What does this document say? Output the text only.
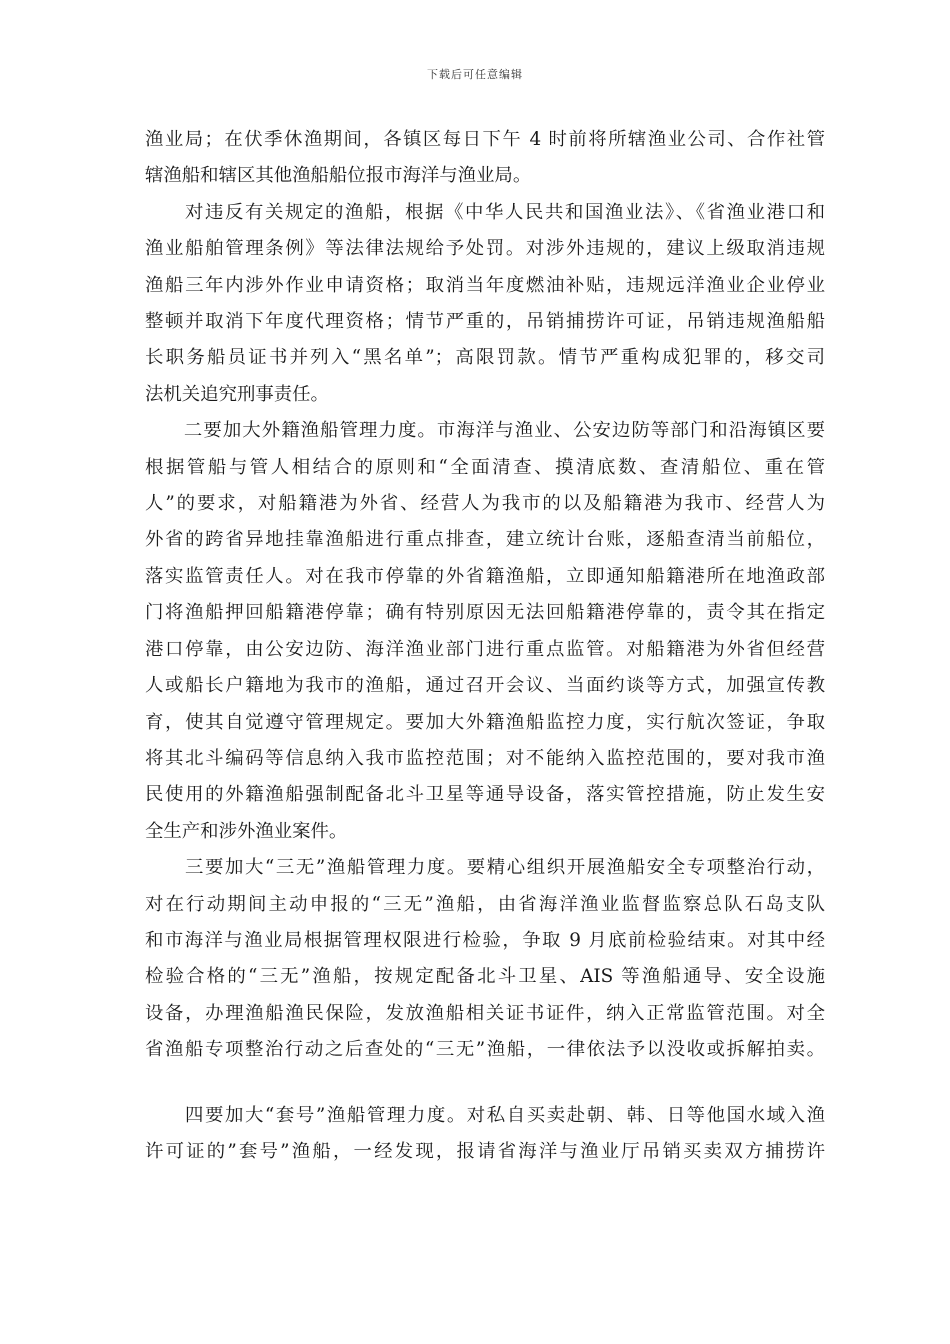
下载后可任意编辑
渔业局；在伏季休渔期间，各镇区每日下午 4 时前将所辖渔业公司、合作社管
辖渔船和辖区其他渔船船位报市海洋与渔业局。
　　对违反有关规定的渔船，根据《中华人民共和国渔业法》、《省渔业港口和
渔业船舶管理条例》等法律法规给予处罚。对涉外违规的，建议上级取消违规
渔船三年内涉外作业申请资格；取消当年度燃油补贴，违规远洋渔业企业停业
整顿并取消下年度代理资格；情节严重的，吊销捕捞许可证，吊销违规渔船船
长职务船员证书并列入“黑名单”；高限罚款。情节严重构成犯罪的，移交司
法机关追究刑事责任。
　　二要加大外籍渔船管理力度。市海洋与渔业、公安边防等部门和沿海镇区要
根据管船与管人相结合的原则和“全面清查、摸清底数、查清船位、重在管
人”的要求，对船籍港为外省、经营人为我市的以及船籍港为我市、经营人为
外省的跨省异地挂靠渔船进行重点排查，建立统计台账，逐船查清当前船位，
落实监管责任人。对在我市停靠的外省籍渔船，立即通知船籍港所在地渔政部
门将渔船押回船籍港停靠；确有特别原因无法回船籍港停靠的，责令其在指定
港口停靠，由公安边防、海洋渔业部门进行重点监管。对船籍港为外省但经营
人或船长户籍地为我市的渔船，通过召开会议、当面约谈等方式，加强宣传教
育，使其自觉遵守管理规定。要加大外籍渔船监控力度，实行航次签证，争取
将其北斗编码等信息纳入我市监控范围；对不能纳入监控范围的，要对我市渔
民使用的外籍渔船强制配备北斗卫星等通导设备，落实管控措施，防止发生安
全生产和涉外渔业案件。
　　三要加大“三无”渔船管理力度。要精心组织开展渔船安全专项整治行动，
对在行动期间主动申报的“三无”渔船，由省海洋渔业监督监察总队石岛支队
和市海洋与渔业局根据管理权限进行检验，争取 9 月底前检验结束。对其中经
检验合格的“三无”渔船，按规定配备北斗卫星、AIS 等渔船通导、安全设施
设备，办理渔船渔民保险，发放渔船相关证书证件，纳入正常监管范围。对全
省渔船专项整治行动之后查处的“三无”渔船，一律依法予以没收或拆解拍卖。
　　四要加大“套号”渔船管理力度。对私自买卖赴朝、韩、日等他国水域入渔
许可证的”套号”渔船，一经发现，报请省海洋与渔业厅吊销买卖双方捕捞许
